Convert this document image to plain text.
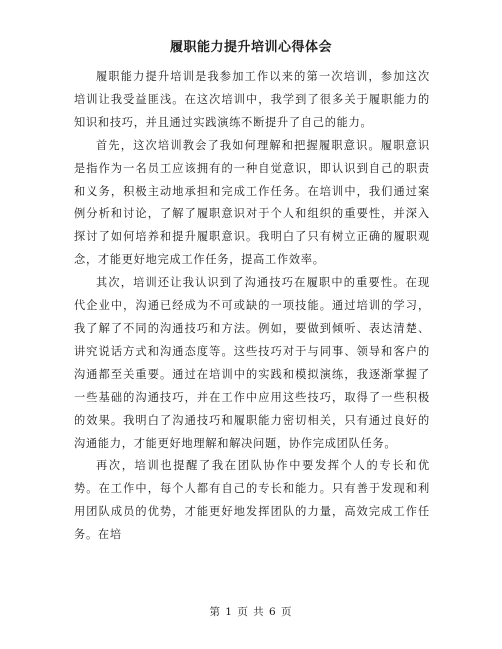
履职能力提升培训心得体会

履职能力提升培训是我参加工作以来的第一次培训，参加这次培训让我受益匪浅。在这次培训中，我学到了很多关于履职能力的知识和技巧，并且通过实践演练不断提升了自己的能力。

首先，这次培训教会了我如何理解和把握履职意识。履职意识是指作为一名员工应该拥有的一种自觉意识，即认识到自己的职责和义务，积极主动地承担和完成工作任务。在培训中，我们通过案例分析和讨论，了解了履职意识对于个人和组织的重要性，并深入探讨了如何培养和提升履职意识。我明白了只有树立正确的履职观念，才能更好地完成工作任务，提高工作效率。

其次，培训还让我认识到了沟通技巧在履职中的重要性。在现代企业中，沟通已经成为不可或缺的一项技能。通过培训的学习，我了解了不同的沟通技巧和方法。例如，要做到倾听、表达清楚、讲究说话方式和沟通态度等。这些技巧对于与同事、领导和客户的沟通都至关重要。通过在培训中的实践和模拟演练，我逐渐掌握了一些基础的沟通技巧，并在工作中应用这些技巧，取得了一些积极的效果。我明白了沟通技巧和履职能力密切相关，只有通过良好的沟通能力，才能更好地理解和解决问题，协作完成团队任务。

再次，培训也提醒了我在团队协作中要发挥个人的专长和优势。在工作中，每个人都有自己的专长和能力。只有善于发现和利用团队成员的优势，才能更好地发挥团队的力量，高效完成工作任务。在培

第 1 页 共 6 页
